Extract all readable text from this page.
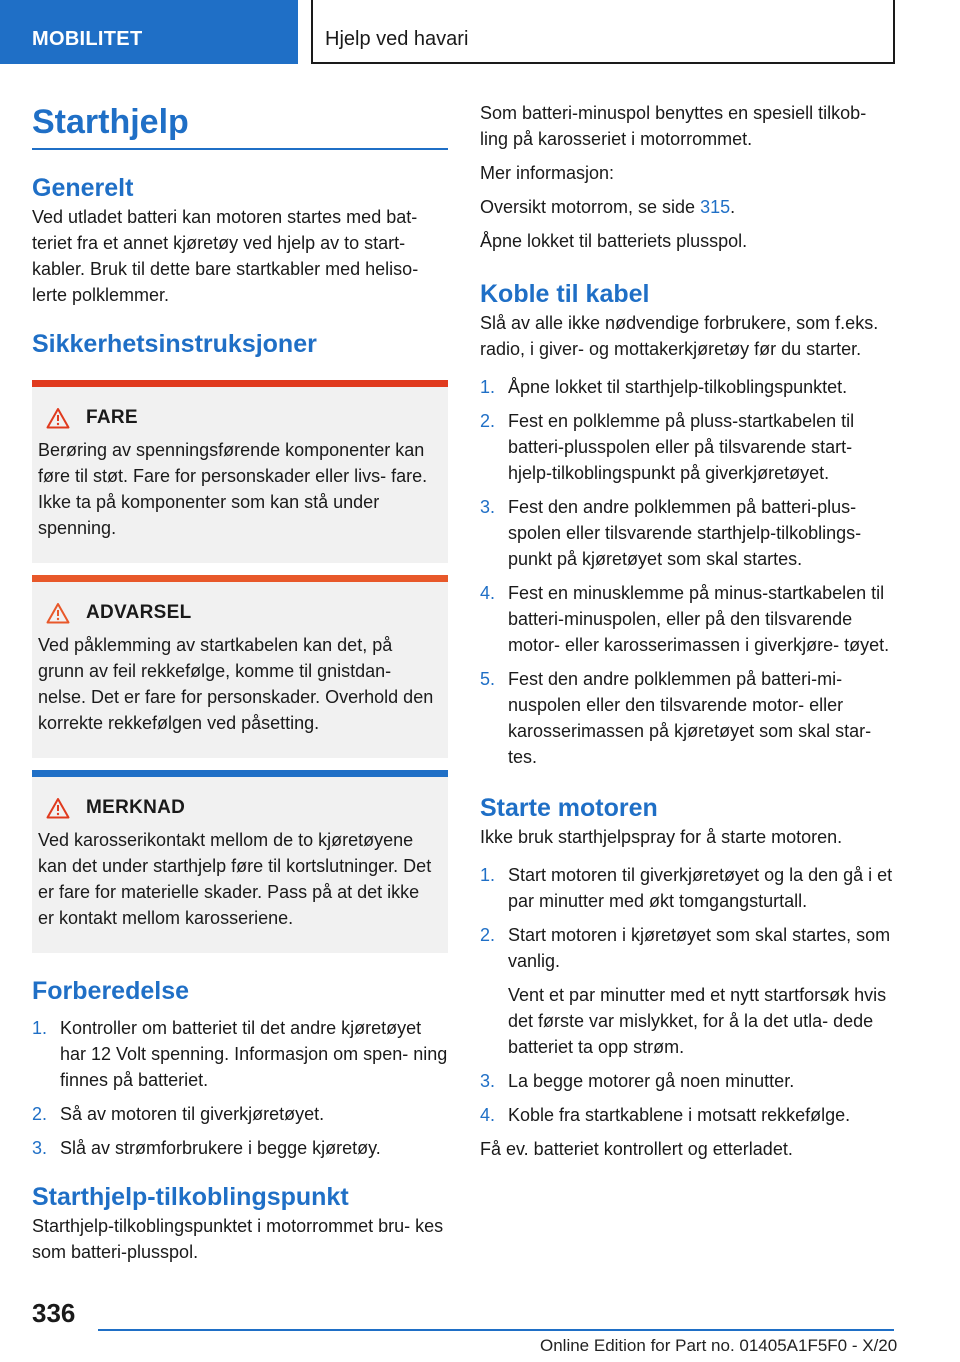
MOBILITET	Hjelp ved havari
Starthjelp
Generelt

Ved utladet batteri kan motoren startes med bat- teriet fra et annet kjøretøy ved hjelp av to start- kabler. Bruk til dette bare startkabler med heliso- lerte polklemmer.

Sikkerhetsinstruksjoner
FARE

Berøring av spenningsførende komponenter kan føre til støt. Fare for personskader eller livs- fare. Ikke ta på komponenter som kan stå under spenning.

ADVARSEL

Ved påklemming av startkabelen kan det, på grunn av feil rekkefølge, komme til gnistdan- nelse. Det er fare for personskader. Overhold den korrekte rekkefølgen ved påsetting.

MERKNAD

Ved karosserikontakt mellom de to kjøretøyene kan det under starthjelp føre til kortslutninger. Det er fare for materielle skader. Pass på at det ikke er kontakt mellom karosseriene.

Forberedelse
1. Kontroller om batteriet til det andre kjøretøyet har 12 Volt spenning. Informasjon om spen- ning finnes på batteriet.
2. Så av motoren til giverkjøretøyet.
3. Slå av strømforbrukere i begge kjøretøy.
Starthjelp-tilkoblingspunkt

Starthjelp-tilkoblingspunktet i motorrommet bru- kes som batteri-plusspol.

Som batteri-minuspol benyttes en spesiell tilkob- ling på karosseriet i motorrommet.

Mer informasjon:

Oversikt motorrom, se side 315.

Åpne lokket til batteriets plusspol.

Koble til kabel

Slå av alle ikke nødvendige forbrukere, som f.eks. radio, i giver- og mottakerkjøretøy før du starter.

1. Åpne lokket til starthjelp-tilkoblingspunktet.
2. Fest en polklemme på pluss-startkabelen til batteri-plusspolen eller på tilsvarende start- hjelp-tilkoblingspunkt på giverkjøretøyet.
3. Fest den andre polklemmen på batteri-plus- spolen eller tilsvarende starthjelp-tilkoblings- punkt på kjøretøyet som skal startes.
4. Fest en minusklemme på minus-startkabelen til batteri-minuspolen, eller på den tilsvarende motor- eller karosserimassen i giverkjøre- tøyet.
5. Fest den andre polklemmen på batteri-mi- nuspolen eller den tilsvarende motor- eller karosserimassen på kjøretøyet som skal star- tes.
Starte motoren

Ikke bruk starthjelpspray for å starte motoren.

1. Start motoren til giverkjøretøyet og la den gå i et par minutter med økt tomgangsturtall.
2. Start motoren i kjøretøyet som skal startes, som vanlig.
Vent et par minutter med et nytt startforsøk hvis det første var mislykket, for å la det utla- dede batteriet ta opp strøm.
3. La begge motorer gå noen minutter.
4. Koble fra startkablene i motsatt rekkefølge.

Få ev. batteriet kontrollert og etterladet.

336
Online Edition for Part no. 01405A1F5F0 - X/20
